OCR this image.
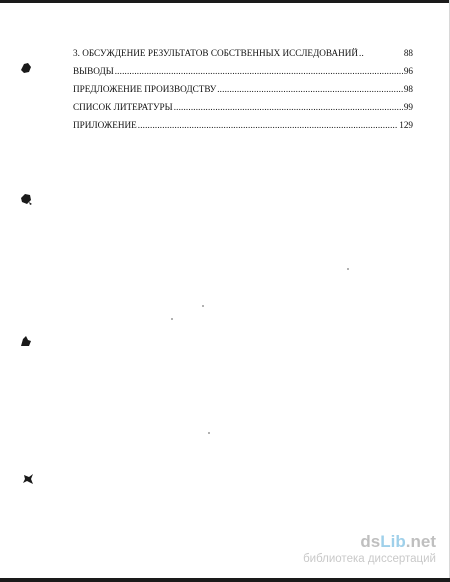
3. ОБСУЖДЕНИЕ РЕЗУЛЬТАТОВ СОБСТВЕННЫХ ИССЛЕДОВАНИЙ ..	88
ВЫВОДЫ .....	96
ПРЕДЛОЖЕНИЕ ПРОИЗВОДСТВУ .....	98
СПИСОК ЛИТЕРАТУРЫ .....	99
ПРИЛОЖЕНИЕ .....	129
dsLib.net
библиотека диссертаций
